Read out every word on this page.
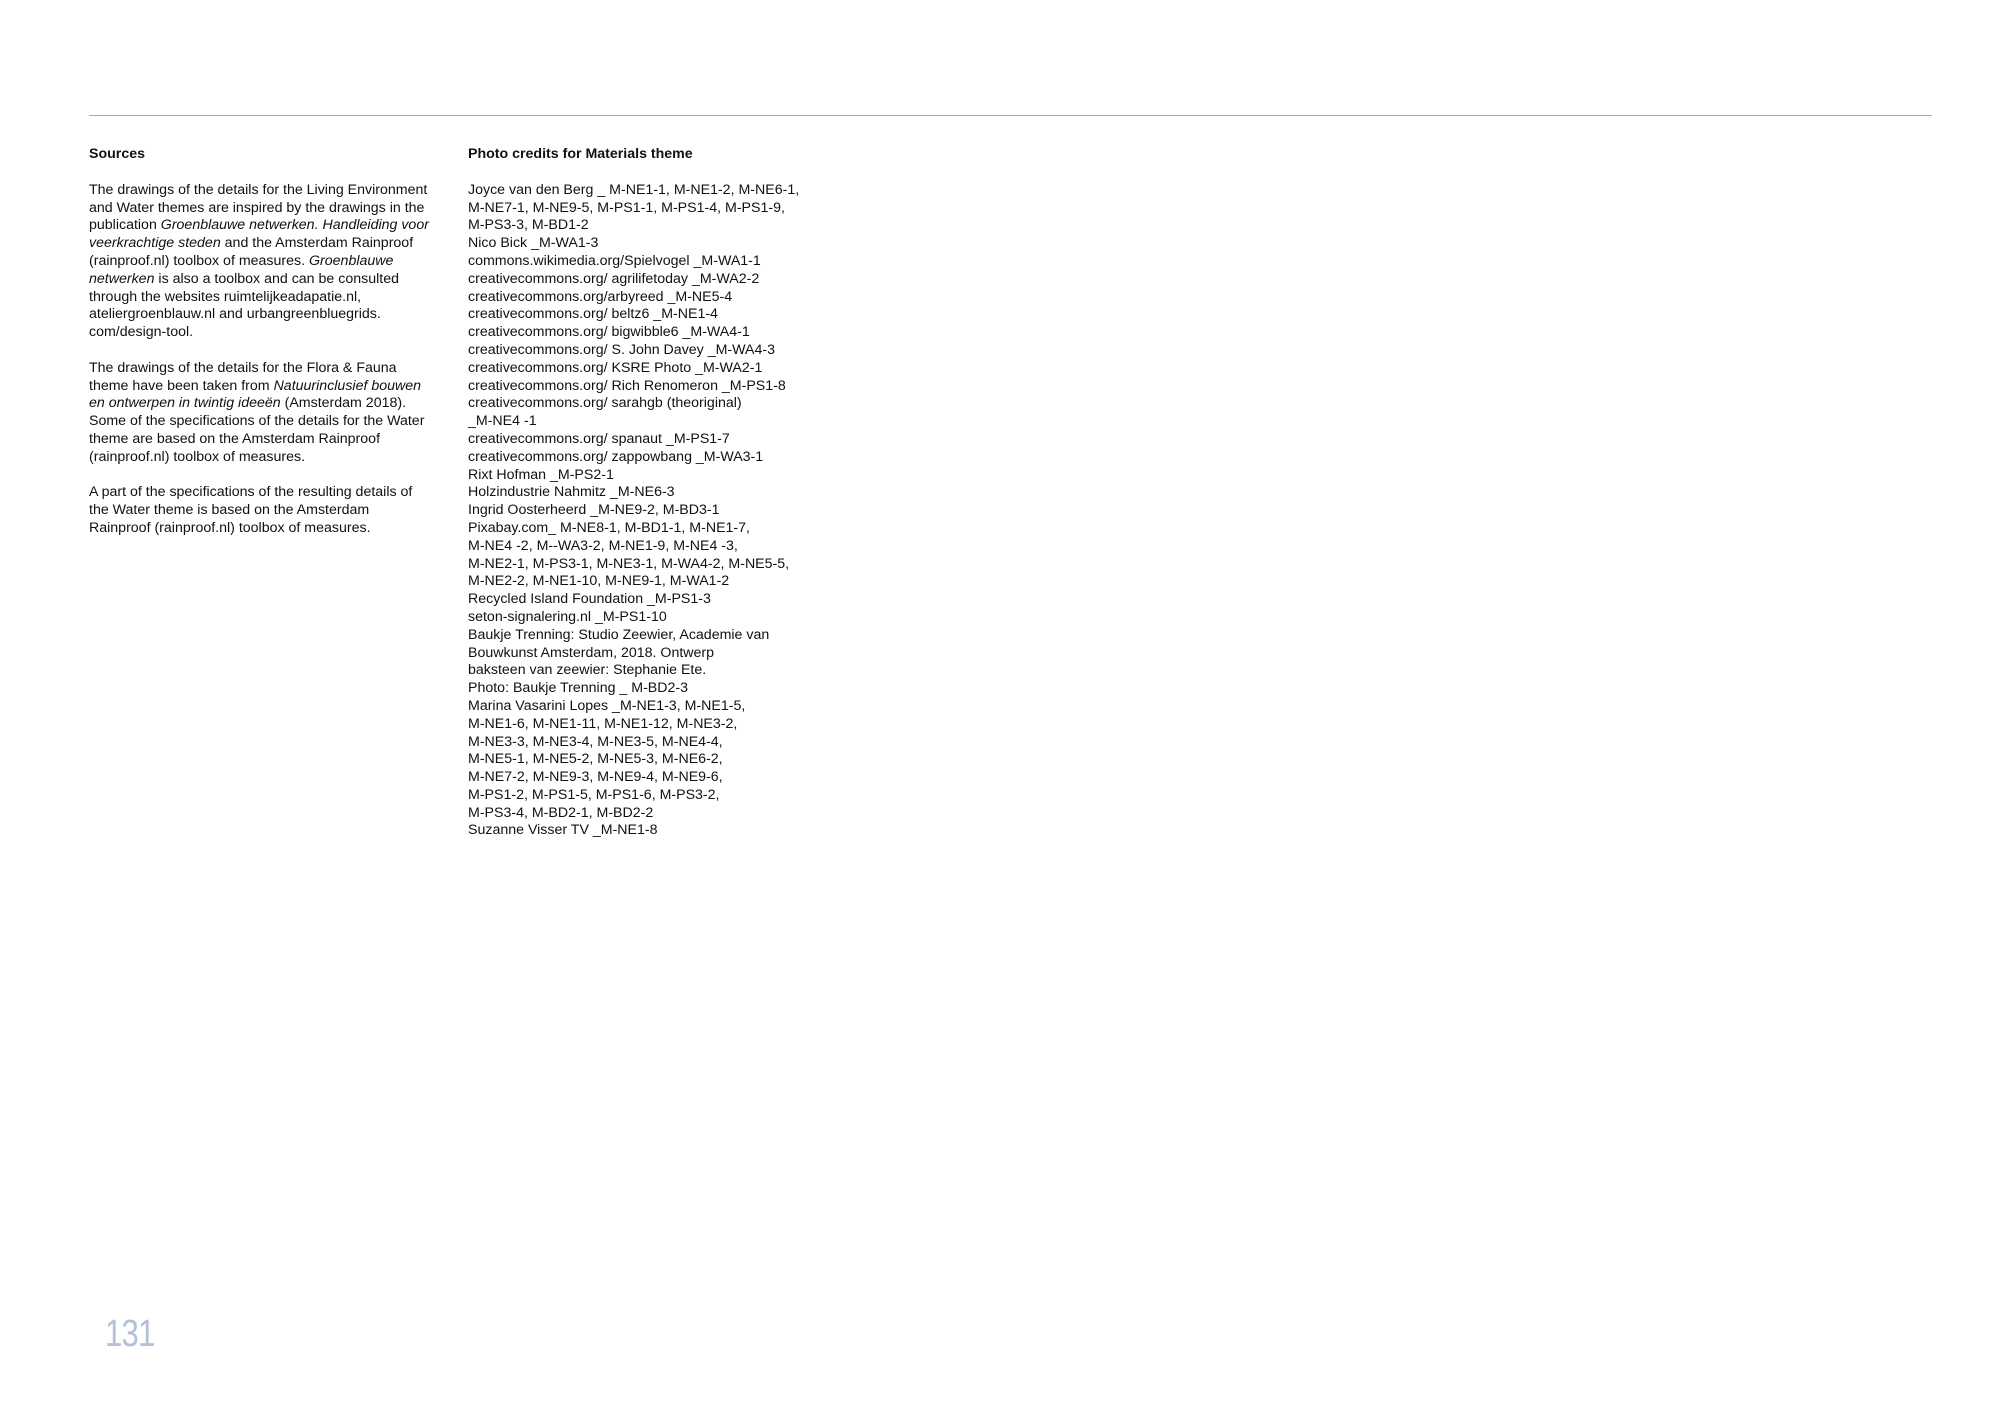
Sources

The drawings of the details for the Living Environment and Water themes are inspired by the drawings in the publication Groenblauwe netwerken. Handleiding voor veerkrachtige steden and the Amsterdam Rainproof (rainproof.nl) toolbox of measures. Groenblauwe netwerken is also a toolbox and can be consulted through the websites ruimtelijkeadapatie.nl, ateliergroenblauw.nl and urbangreenbluegrids. com/design-tool.

The drawings of the details for the Flora & Fauna theme have been taken from Natuurinclusief bouwen en ontwerpen in twintig ideeën (Amsterdam 2018). Some of the specifications of the details for the Water theme are based on the Amsterdam Rainproof (rainproof.nl) toolbox of measures.

A part of the specifications of the resulting details of the Water theme is based on the Amsterdam Rainproof (rainproof.nl) toolbox of measures.

Photo credits for Materials theme
Joyce van den Berg _ M-NE1-1, M-NE1-2, M-NE6-1,
M-NE7-1, M-NE9-5, M-PS1-1, M-PS1-4, M-PS1-9,
M-PS3-3, M-BD1-2
Nico Bick _M-WA1-3
commons.wikimedia.org/Spielvogel _M-WA1-1
creativecommons.org/ agrilifetoday _M-WA2-2
creativecommons.org/arbyreed _M-NE5-4
creativecommons.org/ beltz6 _M-NE1-4
creativecommons.org/ bigwibble6 _M-WA4-1
creativecommons.org/ S. John Davey _M-WA4-3
creativecommons.org/ KSRE Photo _M-WA2-1
creativecommons.org/ Rich Renomeron _M-PS1-8
creativecommons.org/ sarahgb (theoriginal)
_M-NE4 -1
creativecommons.org/ spanaut _M-PS1-7
creativecommons.org/ zappowbang _M-WA3-1
Rixt Hofman _M-PS2-1
Holzindustrie Nahmitz _M-NE6-3
Ingrid Oosterheerd _M-NE9-2, M-BD3-1
Pixabay.com_ M-NE8-1, M-BD1-1, M-NE1-7,
M-NE4 -2, M--WA3-2, M-NE1-9, M-NE4 -3,
M-NE2-1, M-PS3-1, M-NE3-1, M-WA4-2, M-NE5-5,
M-NE2-2, M-NE1-10, M-NE9-1, M-WA1-2
Recycled Island Foundation _M-PS1-3
seton-signalering.nl _M-PS1-10
Baukje Trenning: Studio Zeewier, Academie van
Bouwkunst Amsterdam, 2018. Ontwerp
baksteen van zeewier: Stephanie Ete.
Photo: Baukje Trenning _ M-BD2-3
Marina Vasarini Lopes _M-NE1-3, M-NE1-5,
M-NE1-6, M-NE1-11, M-NE1-12, M-NE3-2,
M-NE3-3, M-NE3-4, M-NE3-5, M-NE4-4,
M-NE5-1, M-NE5-2, M-NE5-3, M-NE6-2,
M-NE7-2, M-NE9-3, M-NE9-4, M-NE9-6,
M-PS1-2, M-PS1-5, M-PS1-6, M-PS3-2,
M-PS3-4, M-BD2-1, M-BD2-2
Suzanne Visser TV _M-NE1-8
131
